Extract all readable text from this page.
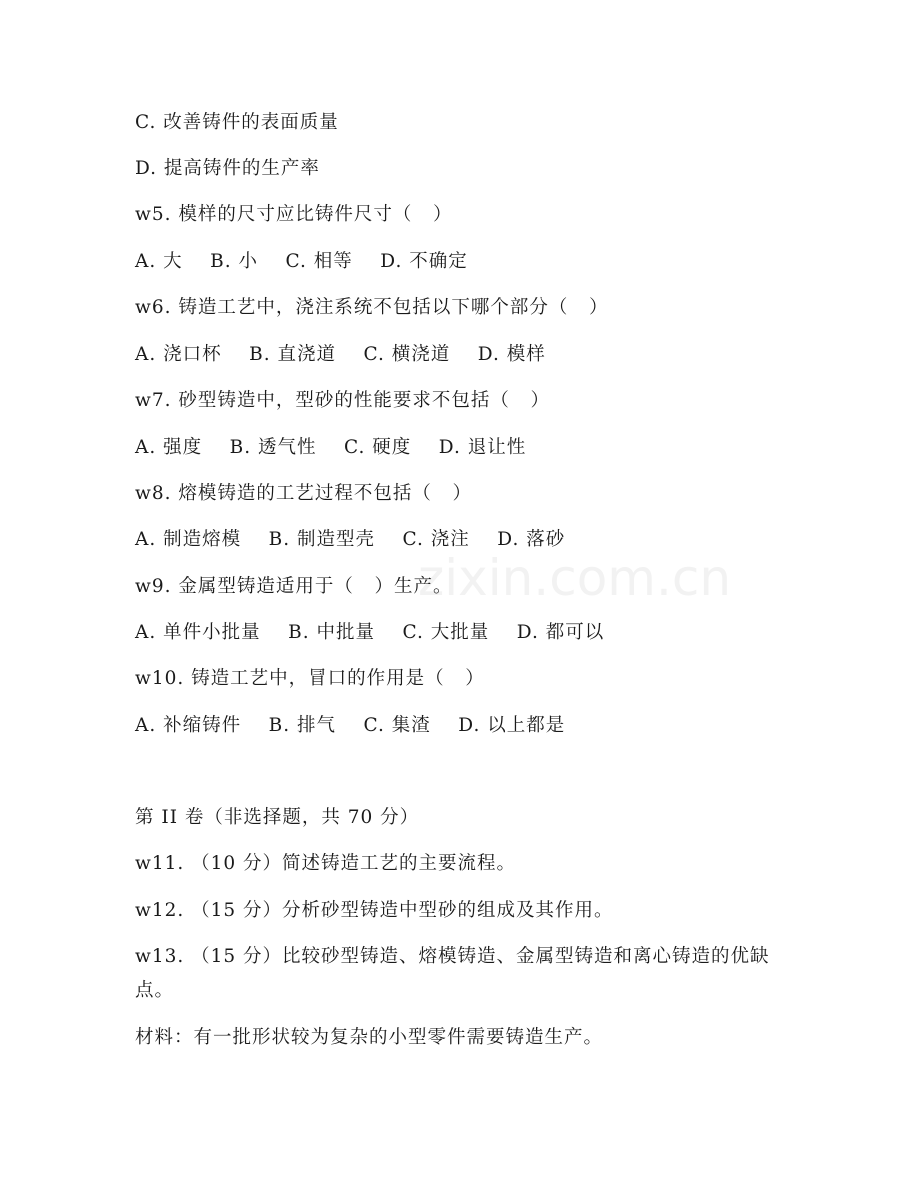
zixin.com.cn
C. 改善铸件的表面质量
D. 提高铸件的生产率
w5. 模样的尺寸应比铸件尺寸（   ）
A. 大    B. 小    C. 相等    D. 不确定
w6. 铸造工艺中，浇注系统不包括以下哪个部分（   ）
A. 浇口杯    B. 直浇道    C. 横浇道    D. 模样
w7. 砂型铸造中，型砂的性能要求不包括（   ）
A. 强度    B. 透气性    C. 硬度    D. 退让性
w8. 熔模铸造的工艺过程不包括（   ）
A. 制造熔模    B. 制造型壳    C. 浇注    D. 落砂
w9. 金属型铸造适用于（   ）生产。
A. 单件小批量    B. 中批量    C. 大批量    D. 都可以
w10. 铸造工艺中，冒口的作用是（   ）
A. 补缩铸件    B. 排气    C. 集渣    D. 以上都是
第 II 卷（非选择题，共 70 分）
w11. （10 分）简述铸造工艺的主要流程。
w12. （15 分）分析砂型铸造中型砂的组成及其作用。
w13. （15 分）比较砂型铸造、熔模铸造、金属型铸造和离心铸造的优缺点。
材料：有一批形状较为复杂的小型零件需要铸造生产。
